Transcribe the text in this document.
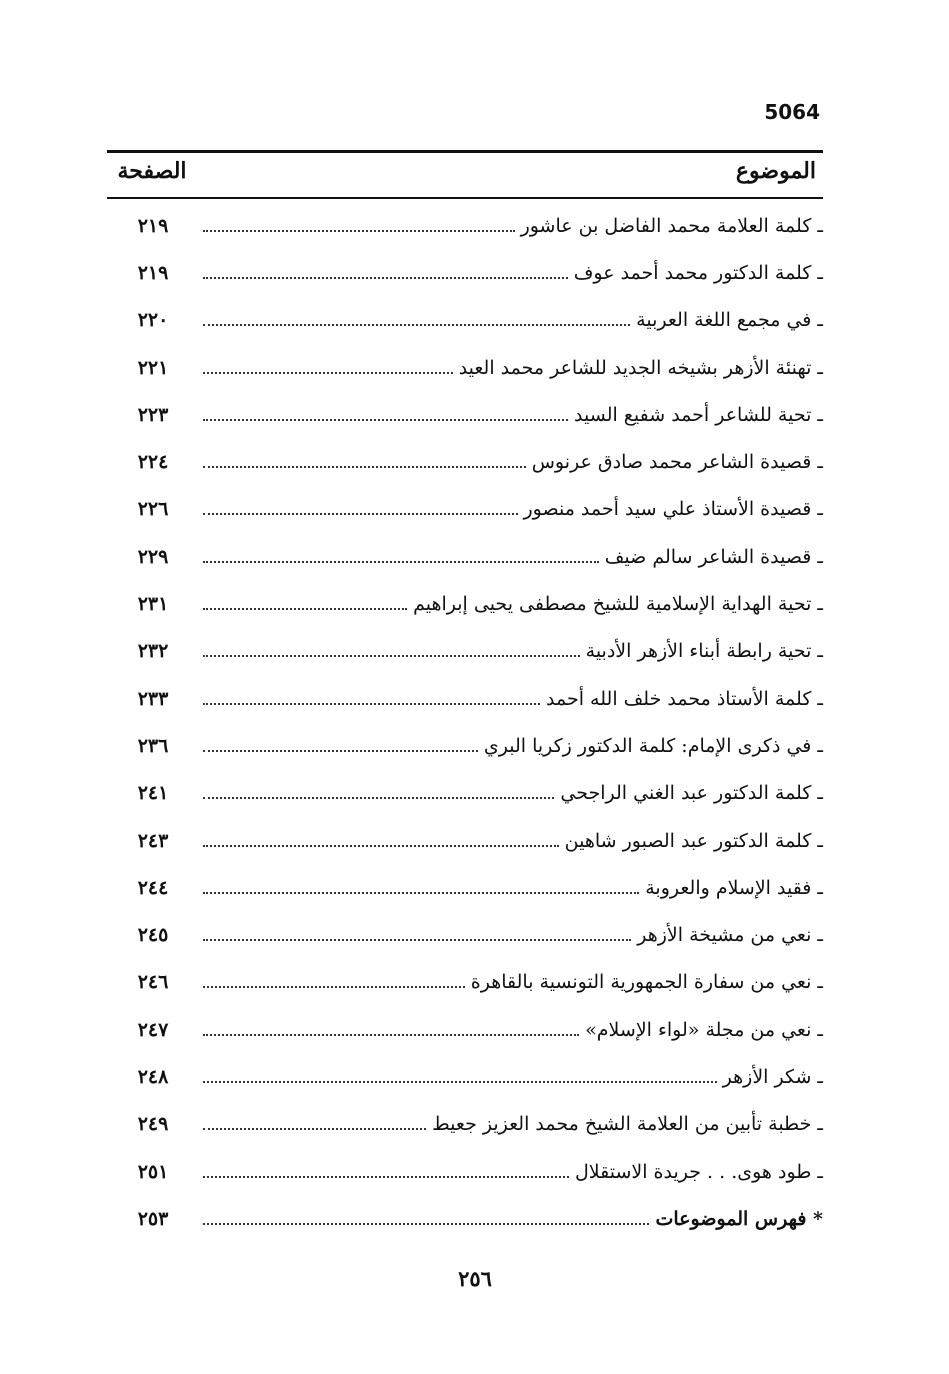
5064
الموضوع
الصفحة
ـ كلمة العلامة محمد الفاضل بن عاشور
٢١٩
ـ كلمة الدكتور محمد أحمد عوف
٢١٩
ـ في مجمع اللغة العربية
٢٢٠
ـ تهنئة الأزهر بشيخه الجديد للشاعر محمد العيد
٢٢١
ـ تحية للشاعر أحمد شفيع السيد
٢٢٣
ـ قصيدة الشاعر محمد صادق عرنوس
٢٢٤
ـ قصيدة الأستاذ علي سيد أحمد منصور
٢٢٦
ـ قصيدة الشاعر سالم ضيف
٢٢٩
ـ تحية الهداية الإسلامية للشيخ مصطفى يحيى إبراهيم
٢٣١
ـ تحية رابطة أبناء الأزهر الأدبية
٢٣٢
ـ كلمة الأستاذ محمد خلف الله أحمد
٢٣٣
ـ في ذكرى الإمام: كلمة الدكتور زكريا البري
٢٣٦
ـ كلمة الدكتور عبد الغني الراجحي
٢٤١
ـ كلمة الدكتور عبد الصبور شاهين
٢٤٣
ـ فقيد الإسلام والعروبة
٢٤٤
ـ نعي من مشيخة الأزهر
٢٤٥
ـ نعي من سفارة الجمهورية التونسية بالقاهرة
٢٤٦
ـ نعي من مجلة «لواء الإسلام»
٢٤٧
ـ شكر الأزهر
٢٤٨
ـ خطبة تأبين من العلامة الشيخ محمد العزيز جعيط
٢٤٩
ـ طود هوى. . . جريدة الاستقلال
٢٥١
* فهرس الموضوعات
٢٥٣
٢٥٦
